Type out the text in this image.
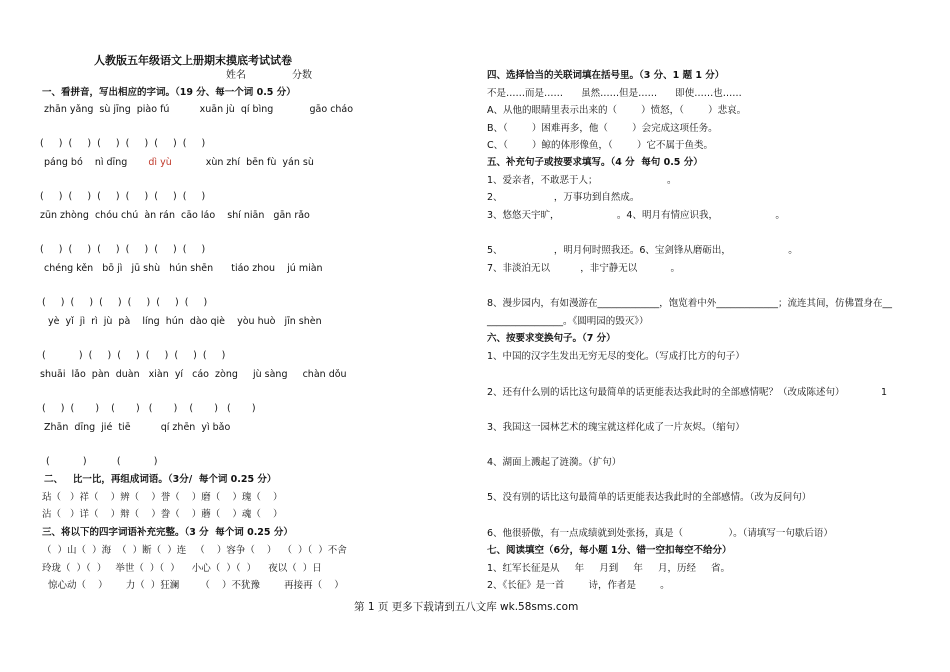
人教版五年级语文上册期末摸底考试试卷
姓名	分数
一、看拼音，写出相应的字词。（19 分、每一个词 0.5 分）
zhān yǎng  sù jīng  piào fú          xuān jù  qí bìng            gāo cháo
(     )  (     )  (     )  (     )  (     )  (     )
páng bó    nì dīng       dì yù	xùn zhí  bēn fù  yán sù
(     )  (     )  (     )  (     )  (     )  (     )
zūn zhòng  chóu chú  àn rán  cāo láo    shí niān   gān rǎo
(     )  (     )  (     )  (     )  (     )  (     )
chéng kěn   bō jì   jū shù   hún shēn      tiáo zhou    jú miàn
(     )  (     )  (     )  (     )  (     )  (     )
yè  yǐ  jì  rì  jù  pà    líng  hún  dào qiè    yòu huò   jīn shèn
(           )  (     )  (     )  (     )  (     )  (     )
shuāi  lǎo  pàn  duàn   xiàn  yí   cáo  zòng     jù sàng     chàn dǒu
(     )  (       )    (       )   (       )    (       )   (       )
Zhān  dīng  jié  tiē          qí zhēn  yì bǎo
(           )          (           )
二、   比一比，再组成词语。（3分/  每个词 0.25 分）
玷（   ）祥（    ）辨（    ）誉（    ）磨（    ）瑰（    ）
沾（   ）详（    ）辩（    ）誊（    ）蘑（    ）魂（    ）
三、将以下的四字词语补充完整。（3 分  每个词 0.25 分）
（  ）山（  ）海  （  ）断（  ）连   （    ）容争（    ）  （  ）（  ）不舍
玲珑（  ）（  ）   举世（  ）（  ）    小心（  ）（  ）    夜以（  ）日
惊心动（    ）      力（  ）狂澜       （    ）不犹豫        再接再（    ）
四、选择恰当的关联词填在括号里。（3 分、1 题 1 分）
不是……而是……      虽然……但是……      即使……也……
A、从他的眼睛里表示出来的（        ）愤怒，（        ）悲哀。
B、（        ）困难再多，他（        ）会完成这项任务。
C、（        ）鲸的体形像鱼，（        ）它不属于鱼类。
五、补充句子或按要求填写。（4 分  每句 0.5 分）
1、爱亲者，不敢恶于人；                       。
2、                 ，万事功到自然成。
3、悠悠天宇旷，                   。4、明月有情应识我，                   。
5、                 ，明月何时照我还。6、宝剑锋从磨砺出，                   。
7、非淡泊无以          ，非宁静无以           。
8、漫步园内，有如漫游在_____________，饱览着中外_____________；流连其间，仿佛置身在__
________________。《圆明园的毁灭》）
六、按要求变换句子。（7 分）
1、中国的汉字生发出无穷无尽的变化。（写成打比方的句子）
2、还有什么别的话比这句最简单的话更能表达我此时的全部感情呢？（改成陈述句）	1
3、我国这一园林艺术的瑰宝就这样化成了一片灰烬。（缩句）
4、湖面上溅起了涟漪。（扩句）
5、没有别的话比这句最简单的话更能表达我此时的全部感情。（改为反问句）
6、他很骄傲，有一点成绩就到处张扬，真是（               ）。（请填写一句歇后语）
七、阅读填空（6分，每小题 1分、错一空扣每空不给分）
1、红军长征是从     年     月到     年     月，历经     省。
2、《长征》是一首        诗，作者是        。
第 1 页 更多下载请到五八文库 wk.58sms.com
